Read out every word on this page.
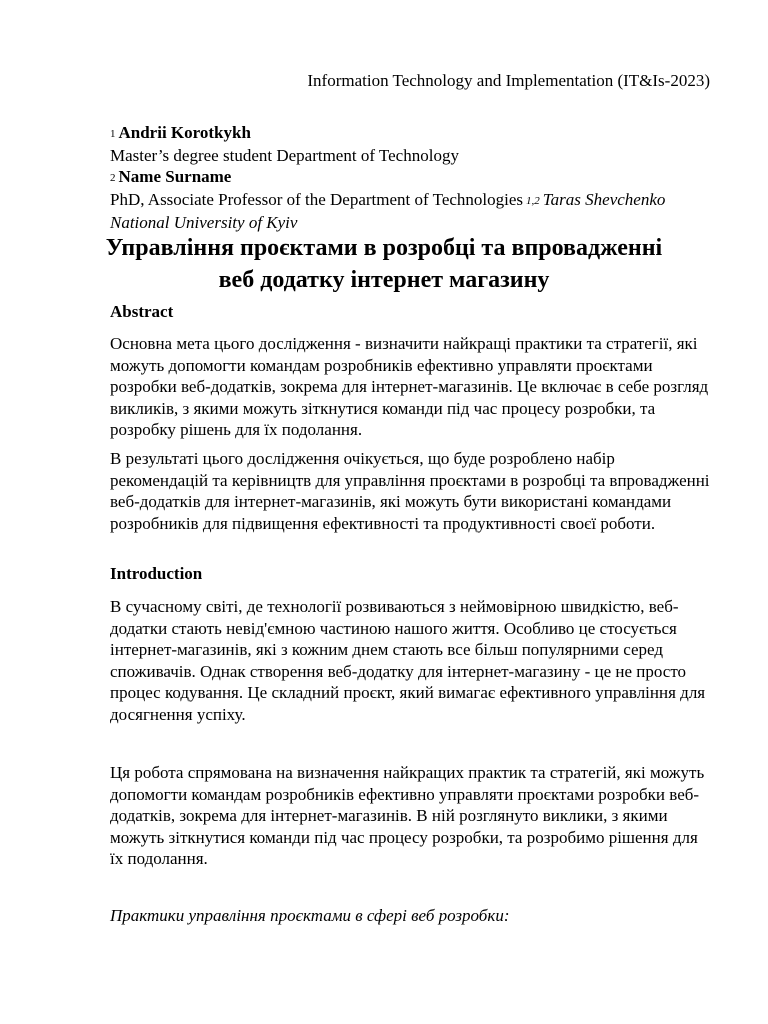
Information Technology and Implementation (IT&Is-2023)
1 Andrii Korotkykh
Master’s degree student Department of Technology
2 Name Surname
PhD, Associate Professor of the Department of Technologies 1,2 Taras Shevchenko
National University of Kyiv
Управління проєктами в розробці та впровадженні веб додатку інтернет магазину
Abstract

Основна мета цього дослідження - визначити найкращі практики та стратегії, які можуть допомогти командам розробників ефективно управляти проєктами розробки веб-додатків, зокрема для інтернет-магазинів. Це включає в себе розгляд викликів, з якими можуть зіткнутися команди під час процесу розробки, та розробку рішень для їх подолання.

В результаті цього дослідження очікується, що буде розроблено набір рекомендацій та керівництв для управління проєктами в розробці та впровадженні веб-додатків для інтернет-магазинів, які можуть бути використані командами розробників для підвищення ефективності та продуктивності своєї роботи.

Introduction

В сучасному світі, де технології розвиваються з неймовірною швидкістю, веб-додатки стають невід'ємною частиною нашого життя. Особливо це стосується інтернет-магазинів, які з кожним днем стають все більш популярними серед споживачів. Однак створення веб-додатку для інтернет-магазину - це не просто процес кодування. Це складний проєкт, який вимагає ефективного управління для досягнення успіху.

Ця робота спрямована на визначення найкращих практик та стратегій, які можуть допомогти командам розробників ефективно управляти проєктами розробки веб-додатків, зокрема для інтернет-магазинів. В ній розглянуто виклики, з якими можуть зіткнутися команди під час процесу розробки, та розробимо рішення для їх подолання.

Практики управління проєктами в сфері веб розробки:
